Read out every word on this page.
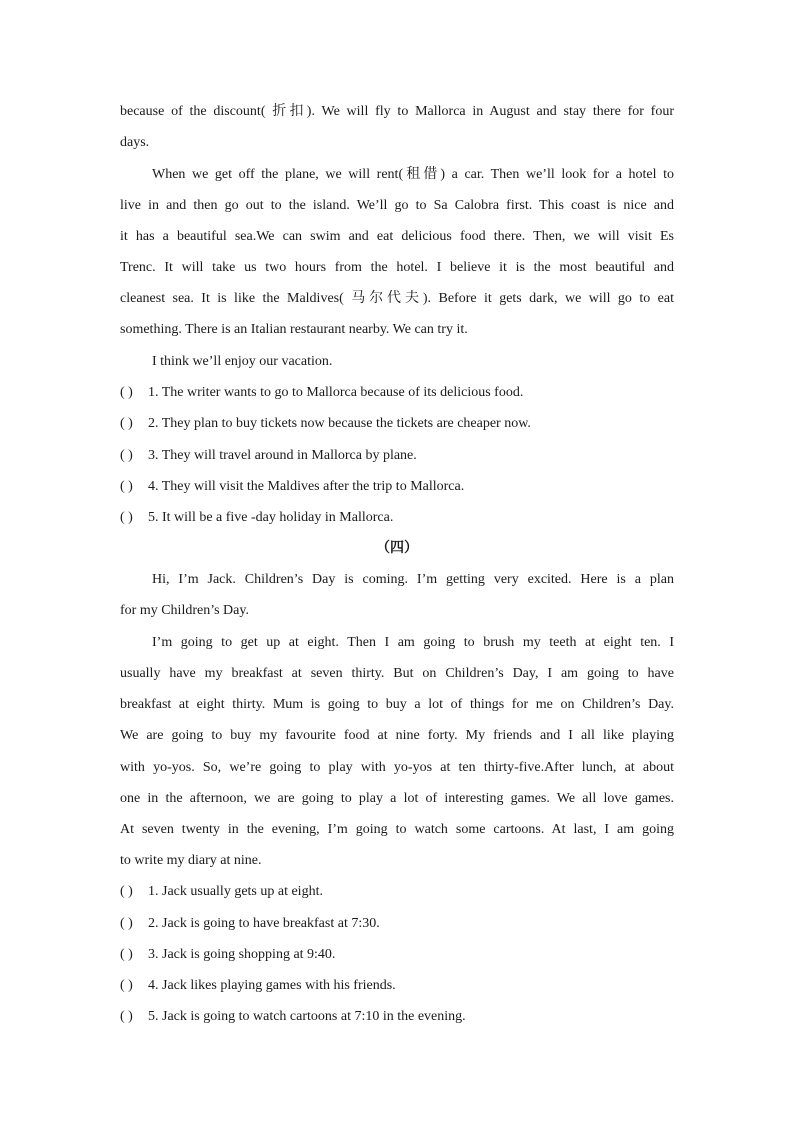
because of the discount( 折扣). We will fly to Mallorca in August and stay there for four
days.
When we get off the plane, we will rent(租借) a car. Then we’ll look for a hotel to
live in and then go out to the island. We’ll go to Sa Calobra first. This coast is nice and
it has a beautiful sea.We can swim and eat delicious food there. Then, we will visit Es
Trenc. It will take us two hours from the hotel. I believe it is the most beautiful and
cleanest sea. It is like the Maldives( 马尔代夫). Before it gets dark, we will go to eat
something. There is an Italian restaurant nearby. We can try it.
I think we’ll enjoy our vacation.
( ) 1. The writer wants to go to Mallorca because of its delicious food.
( ) 2. They plan to buy tickets now because the tickets are cheaper now.
( ) 3. They will travel around in Mallorca by plane.
( ) 4. They will visit the Maldives after the trip to Mallorca.
( ) 5. It will be a five -day holiday in Mallorca.
（四）
Hi, I’m Jack. Children’s Day is coming. I’m getting very excited. Here is a plan
for my Children’s Day.
I’m going to get up at eight. Then I am going to brush my teeth at eight ten. I
usually have my breakfast at seven thirty. But on Children’s Day, I am going to have
breakfast at eight thirty. Mum is going to buy a lot of things for me on Children’s Day.
We are going to buy my favourite food at nine forty. My friends and I all like playing
with yo-yos. So, we’re going to play with yo-yos at ten thirty-five.After lunch, at about
one in the afternoon, we are going to play a lot of interesting games. We all love games.
At seven twenty in the evening, I’m going to watch some cartoons. At last, I am going
to write my diary at nine.
( ) 1. Jack usually gets up at eight.
( ) 2. Jack is going to have breakfast at 7:30.
( ) 3. Jack is going shopping at 9:40.
( ) 4. Jack likes playing games with his friends.
( ) 5. Jack is going to watch cartoons at 7:10 in the evening.
